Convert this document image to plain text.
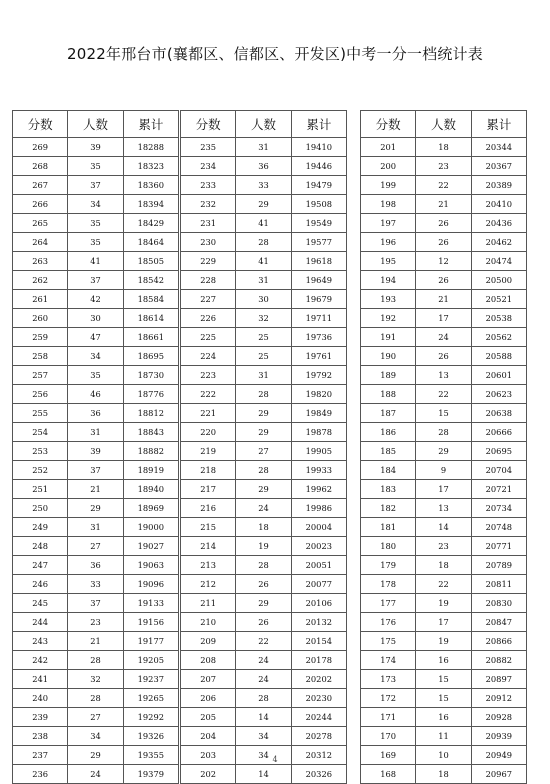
2022年邢台市(襄都区、信都区、开发区)中考一分一档统计表
分数	人数	累计
269	39	18288
268	35	18323
267	37	18360
266	34	18394
265	35	18429
264	35	18464
263	41	18505
262	37	18542
261	42	18584
260	30	18614
259	47	18661
258	34	18695
257	35	18730
256	46	18776
255	36	18812
254	31	18843
253	39	18882
252	37	18919
251	21	18940
250	29	18969
249	31	19000
248	27	19027
247	36	19063
246	33	19096
245	37	19133
244	23	19156
243	21	19177
242	28	19205
241	32	19237
240	28	19265
239	27	19292
238	34	19326
237	29	19355
236	24	19379
分数	人数	累计
235	31	19410
234	36	19446
233	33	19479
232	29	19508
231	41	19549
230	28	19577
229	41	19618
228	31	19649
227	30	19679
226	32	19711
225	25	19736
224	25	19761
223	31	19792
222	28	19820
221	29	19849
220	29	19878
219	27	19905
218	28	19933
217	29	19962
216	24	19986
215	18	20004
214	19	20023
213	28	20051
212	26	20077
211	29	20106
210	26	20132
209	22	20154
208	24	20178
207	24	20202
206	28	20230
205	14	20244
204	34	20278
203	34	20312
202	14	20326
分数	人数	累计
201	18	20344
200	23	20367
199	22	20389
198	21	20410
197	26	20436
196	26	20462
195	12	20474
194	26	20500
193	21	20521
192	17	20538
191	24	20562
190	26	20588
189	13	20601
188	22	20623
187	15	20638
186	28	20666
185	29	20695
184	9	20704
183	17	20721
182	13	20734
181	14	20748
180	23	20771
179	18	20789
178	22	20811
177	19	20830
176	17	20847
175	19	20866
174	16	20882
173	15	20897
172	15	20912
171	16	20928
170	11	20939
169	10	20949
168	18	20967
4
